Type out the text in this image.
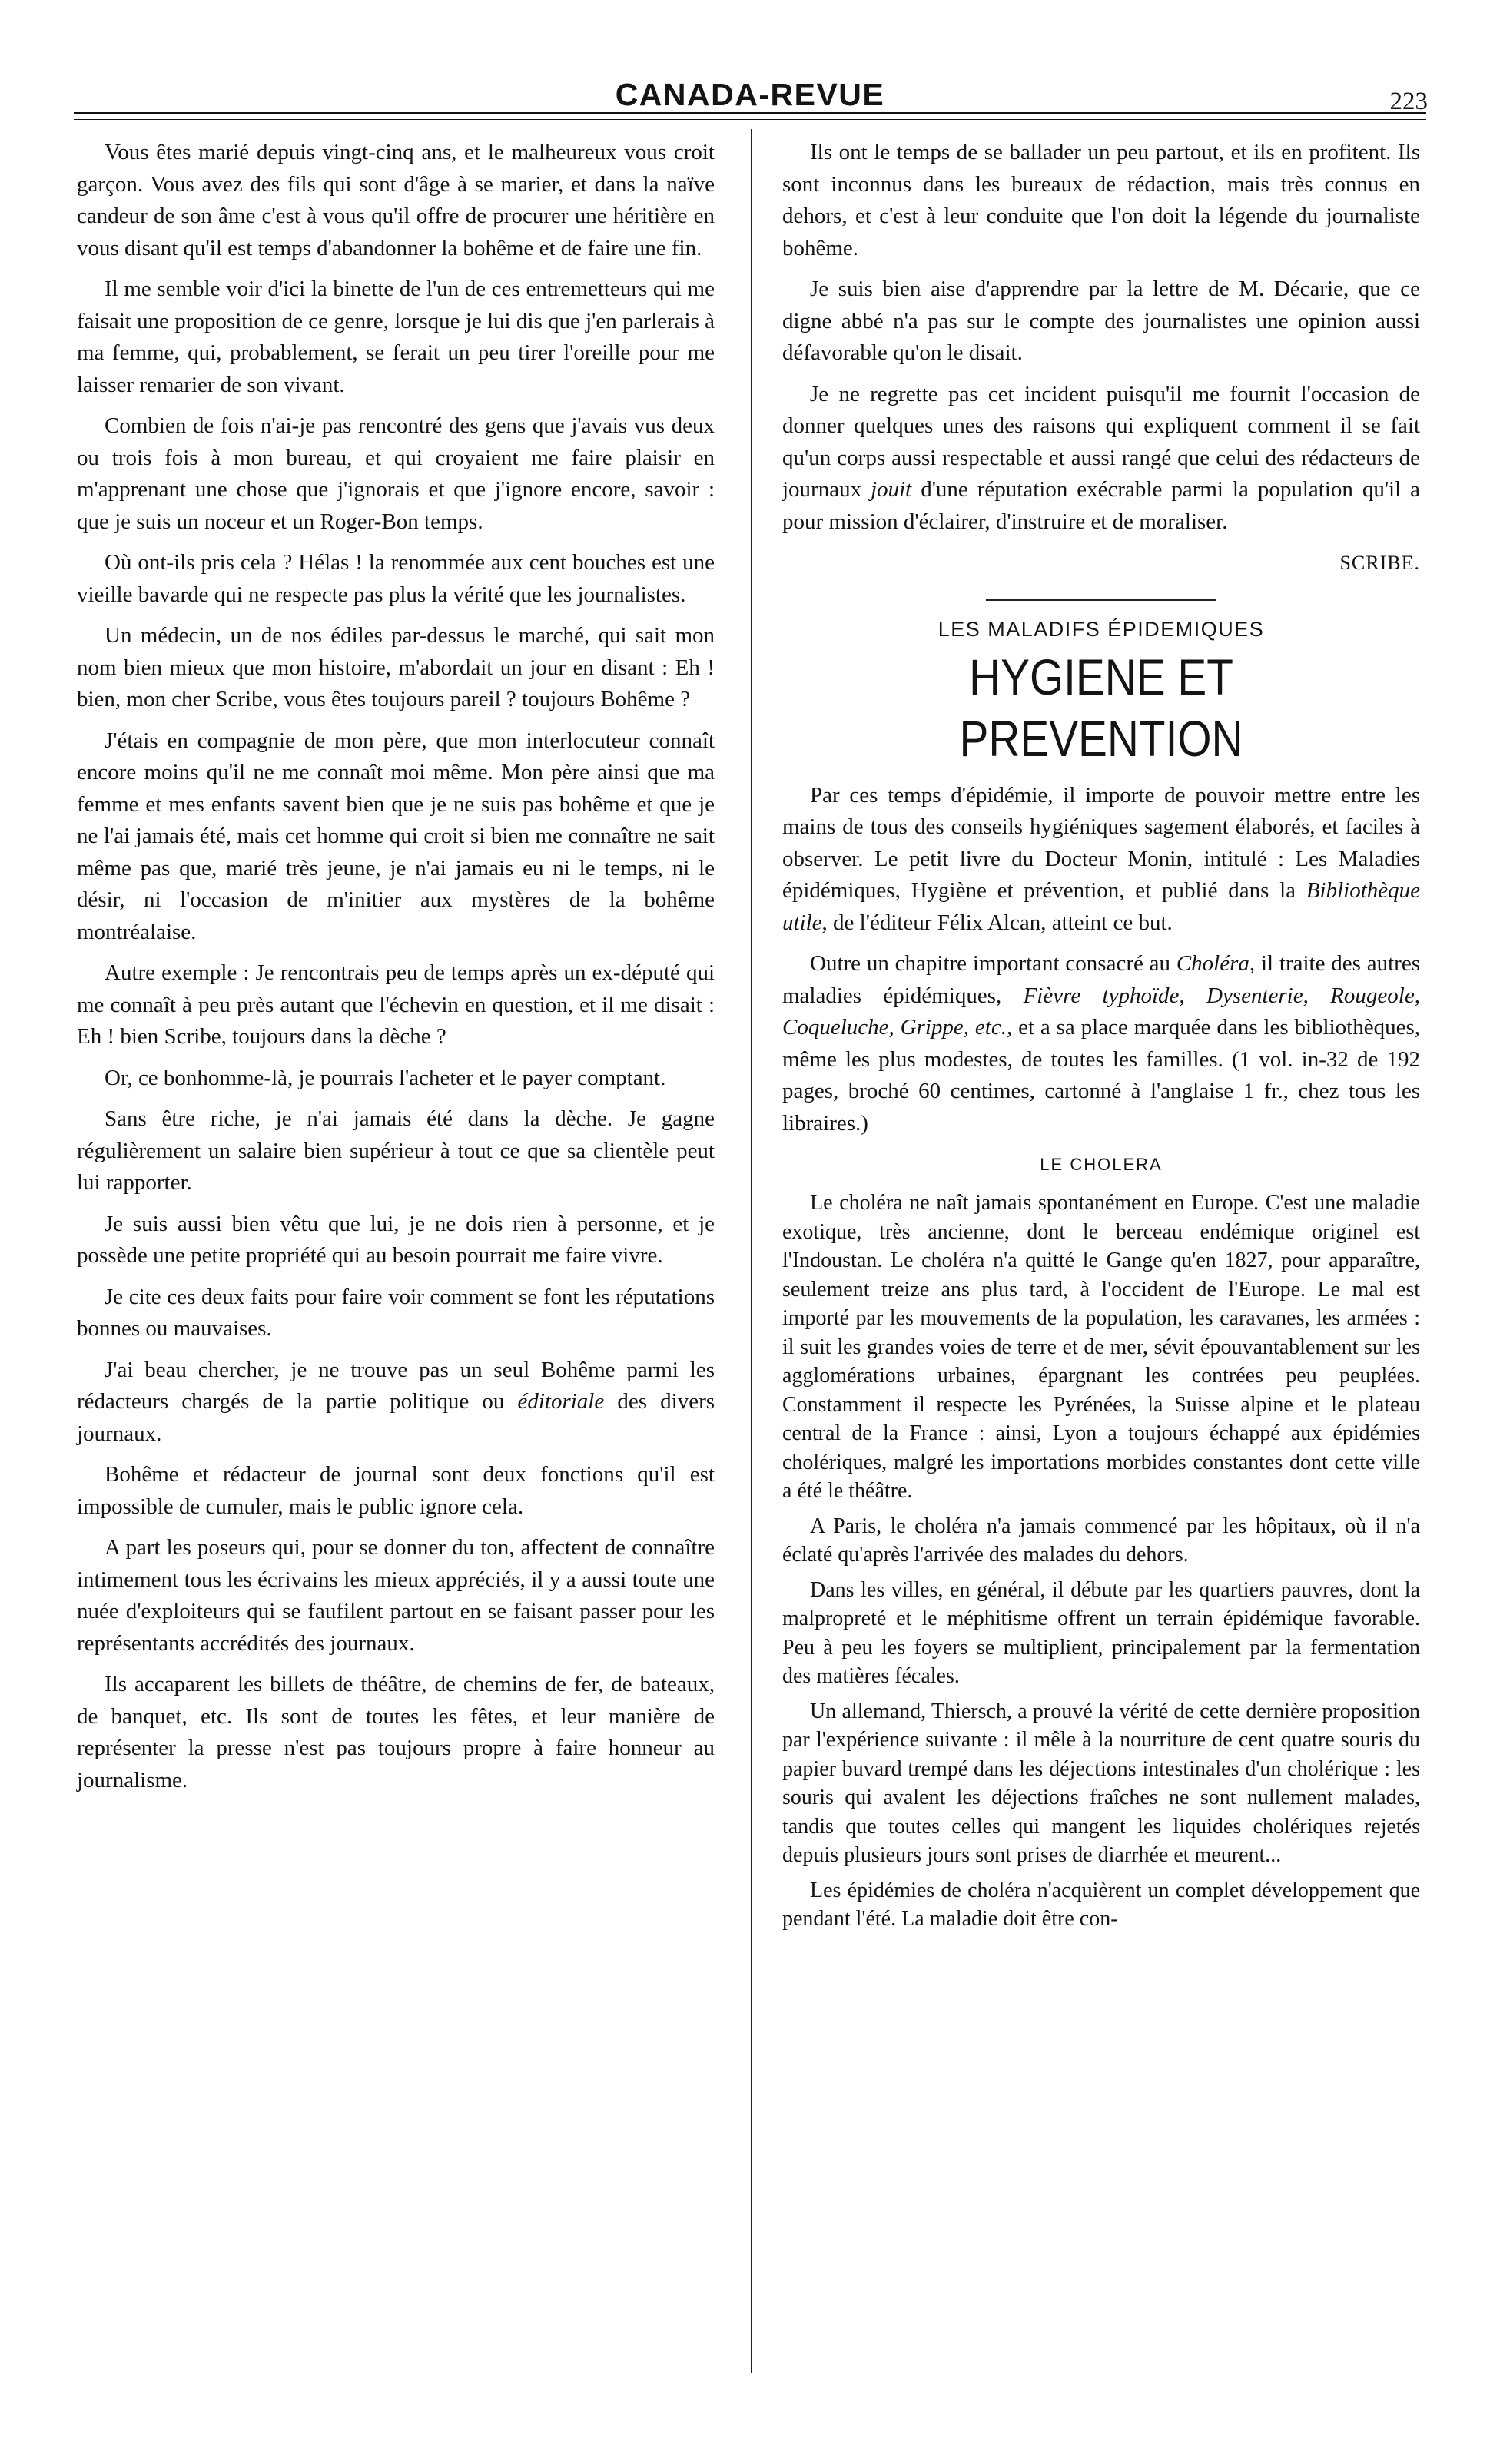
CANADA-REVUE	223

Vous êtes marié depuis vingt-cinq ans, et le malheureux vous croit garçon. Vous avez des fils qui sont d'âge à se marier, et dans la naïve candeur de son âme c'est à vous qu'il offre de procurer une héritière en vous disant qu'il est temps d'abandonner la bohême et de faire une fin.

Il me semble voir d'ici la binette de l'un de ces entremetteurs qui me faisait une proposition de ce genre, lorsque je lui dis que j'en parlerais à ma femme, qui, probablement, se ferait un peu tirer l'oreille pour me laisser remarier de son vivant.

Combien de fois n'ai-je pas rencontré des gens que j'avais vus deux ou trois fois à mon bureau, et qui croyaient me faire plaisir en m'apprenant une chose que j'ignorais et que j'ignore encore, savoir : que je suis un noceur et un Roger-Bon temps.

Où ont-ils pris cela ? Hélas ! la renommée aux cent bouches est une vieille bavarde qui ne respecte pas plus la vérité que les journalistes.

Un médecin, un de nos édiles par-dessus le marché, qui sait mon nom bien mieux que mon histoire, m'abordait un jour en disant : Eh ! bien, mon cher Scribe, vous êtes toujours pareil ? toujours Bohême ?

J'étais en compagnie de mon père, que mon interlocuteur connaît encore moins qu'il ne me connaît moi même. Mon père ainsi que ma femme et mes enfants savent bien que je ne suis pas bohême et que je ne l'ai jamais été, mais cet homme qui croit si bien me connaître ne sait même pas que, marié très jeune, je n'ai jamais eu ni le temps, ni le désir, ni l'occasion de m'initier aux mystères de la bohême montréalaise.

Autre exemple : Je rencontrais peu de temps après un ex-député qui me connaît à peu près autant que l'échevin en question, et il me disait : Eh ! bien Scribe, toujours dans la dèche ?

Or, ce bonhomme-là, je pourrais l'acheter et le payer comptant.

Sans être riche, je n'ai jamais été dans la dèche. Je gagne régulièrement un salaire bien supérieur à tout ce que sa clientèle peut lui rapporter.

Je suis aussi bien vêtu que lui, je ne dois rien à personne, et je possède une petite propriété qui au besoin pourrait me faire vivre.

Je cite ces deux faits pour faire voir comment se font les réputations bonnes ou mauvaises.

J'ai beau chercher, je ne trouve pas un seul Bohême parmi les rédacteurs chargés de la partie politique ou éditoriale des divers journaux.

Bohême et rédacteur de journal sont deux fonctions qu'il est impossible de cumuler, mais le public ignore cela.

A part les poseurs qui, pour se donner du ton, affectent de connaître intimement tous les écrivains les mieux appréciés, il y a aussi toute une nuée d'exploiteurs qui se faufilent partout en se faisant passer pour les représentants accrédités des journaux.

Ils accaparent les billets de théâtre, de chemins de fer, de bateaux, de banquet, etc. Ils sont de toutes les fêtes, et leur manière de représenter la presse n'est pas toujours propre à faire honneur au journalisme.

Ils ont le temps de se ballader un peu partout, et ils en profitent. Ils sont inconnus dans les bureaux de rédaction, mais très connus en dehors, et c'est à leur conduite que l'on doit la légende du journaliste bohême.

Je suis bien aise d'apprendre par la lettre de M. Décarie, que ce digne abbé n'a pas sur le compte des journalistes une opinion aussi défavorable qu'on le disait.

Je ne regrette pas cet incident puisqu'il me fournit l'occasion de donner quelques unes des raisons qui expliquent comment il se fait qu'un corps aussi respectable et aussi rangé que celui des rédacteurs de journaux jouit d'une réputation exécrable parmi la population qu'il a pour mission d'éclairer, d'instruire et de moraliser.

SCRIBE.

LES MALADIFS ÉPIDEMIQUES
HYGIENE ET PREVENTION

Par ces temps d'épidémie, il importe de pouvoir mettre entre les mains de tous des conseils hygiéniques sagement élaborés, et faciles à observer. Le petit livre du Docteur Monin, intitulé : Les Maladies épidémiques, Hygiène et prévention, et publié dans la Bibliothèque utile, de l'éditeur Félix Alcan, atteint ce but.

Outre un chapitre important consacré au Choléra, il traite des autres maladies épidémiques, Fièvre typhoïde, Dysenterie, Rougeole, Coqueluche, Grippe, etc., et a sa place marquée dans les bibliothèques, même les plus modestes, de toutes les familles. (1 vol. in-32 de 192 pages, broché 60 centimes, cartonné à l'anglaise 1 fr., chez tous les libraires.)

LE CHOLERA

Le choléra ne naît jamais spontanément en Europe. C'est une maladie exotique, très ancienne, dont le berceau endémique originel est l'Indoustan. Le choléra n'a quitté le Gange qu'en 1827, pour apparaître, seulement treize ans plus tard, à l'occident de l'Europe. Le mal est importé par les mouvements de la population, les caravanes, les armées : il suit les grandes voies de terre et de mer, sévit épouvantablement sur les agglomérations urbaines, épargnant les contrées peu peuplées. Constamment il respecte les Pyrénées, la Suisse alpine et le plateau central de la France : ainsi, Lyon a toujours échappé aux épidémies cholériques, malgré les importations morbides constantes dont cette ville a été le théâtre.

A Paris, le choléra n'a jamais commencé par les hôpitaux, où il n'a éclaté qu'après l'arrivée des malades du dehors.

Dans les villes, en général, il débute par les quartiers pauvres, dont la malpropreté et le méphitisme offrent un terrain épidémique favorable. Peu à peu les foyers se multiplient, principalement par la fermentation des matières fécales.

Un allemand, Thiersch, a prouvé la vérité de cette dernière proposition par l'expérience suivante : il mêle à la nourriture de cent quatre souris du papier buvard trempé dans les déjections intestinales d'un cholérique : les souris qui avalent les déjections fraîches ne sont nullement malades, tandis que toutes celles qui mangent les liquides cholériques rejetés depuis plusieurs jours sont prises de diarrhée et meurent...

Les épidémies de choléra n'acquièrent un complet développement que pendant l'été. La maladie doit être con-
